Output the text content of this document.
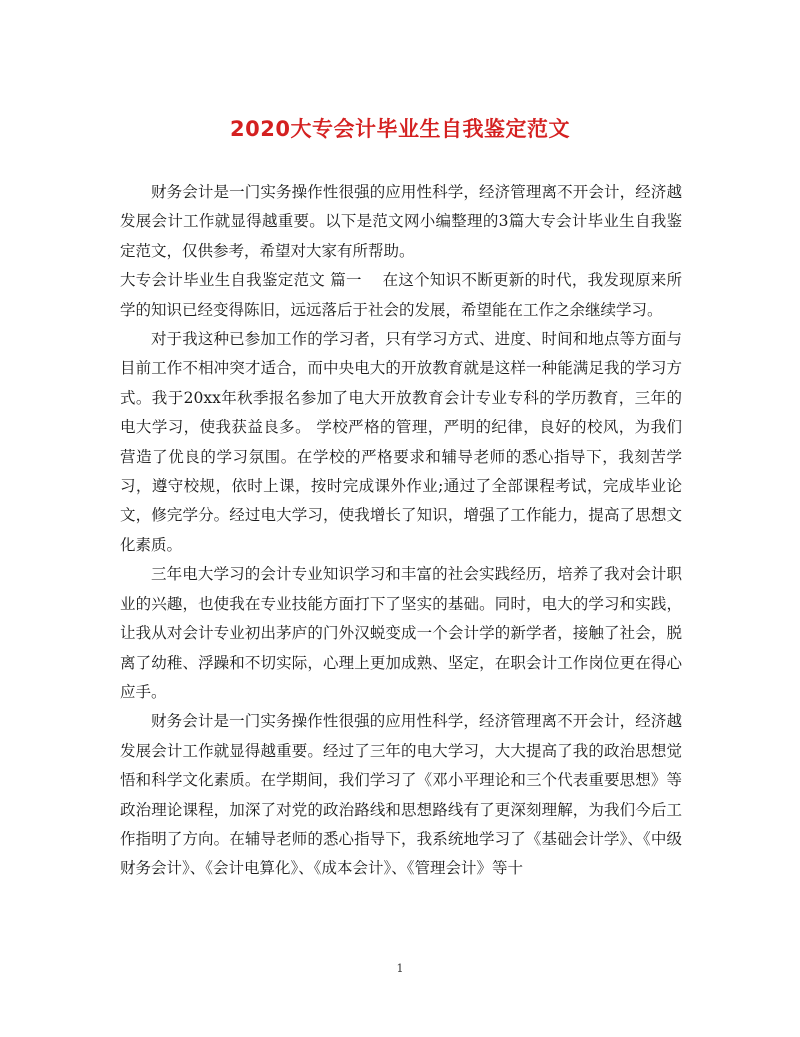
2020大专会计毕业生自我鉴定范文

财务会计是一门实务操作性很强的应用性科学，经济管理离不开会计，经济越发展会计工作就显得越重要。以下是范文网小编整理的3篇大专会计毕业生自我鉴定范文，仅供参考，希望对大家有所帮助。

大专会计毕业生自我鉴定范文 篇一    在这个知识不断更新的时代，我发现原来所学的知识已经变得陈旧，远远落后于社会的发展，希望能在工作之余继续学习。

对于我这种已参加工作的学习者，只有学习方式、进度、时间和地点等方面与目前工作不相冲突才适合，而中央电大的开放教育就是这样一种能满足我的学习方式。我于20xx年秋季报名参加了电大开放教育会计专业专科的学历教育，三年的电大学习，使我获益良多。 学校严格的管理，严明的纪律，良好的校风，为我们营造了优良的学习氛围。在学校的严格要求和辅导老师的悉心指导下，我刻苦学习，遵守校规，依时上课，按时完成课外作业;通过了全部课程考试，完成毕业论文，修完学分。经过电大学习，使我增长了知识，增强了工作能力，提高了思想文化素质。

三年电大学习的会计专业知识学习和丰富的社会实践经历，培养了我对会计职业的兴趣，也使我在专业技能方面打下了坚实的基础。同时，电大的学习和实践，让我从对会计专业初出茅庐的门外汉蜕变成一个会计学的新学者，接触了社会，脱离了幼稚、浮躁和不切实际，心理上更加成熟、坚定，在职会计工作岗位更在得心应手。

财务会计是一门实务操作性很强的应用性科学，经济管理离不开会计，经济越发展会计工作就显得越重要。经过了三年的电大学习，大大提高了我的政治思想觉悟和科学文化素质。在学期间，我们学习了《邓小平理论和三个代表重要思想》等政治理论课程，加深了对党的政治路线和思想路线有了更深刻理解，为我们今后工作指明了方向。在辅导老师的悉心指导下，我系统地学习了《基础会计学》、《中级财务会计》、《会计电算化》、《成本会计》、《管理会计》等十

1
